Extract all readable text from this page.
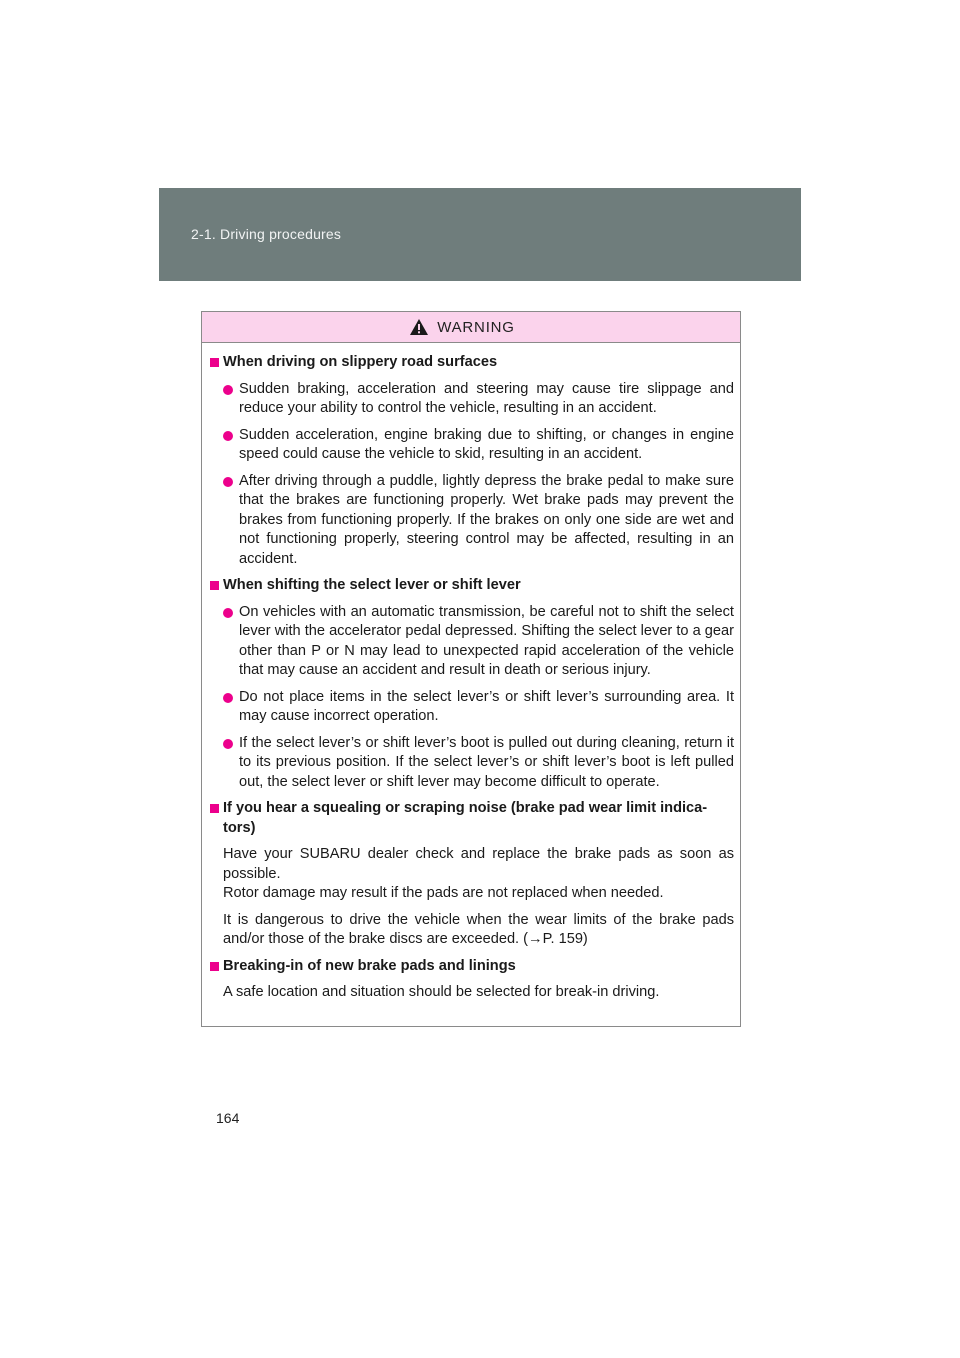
2-1. Driving procedures
WARNING
When driving on slippery road surfaces
Sudden braking, acceleration and steering may cause tire slippage and reduce your ability to control the vehicle, resulting in an accident.
Sudden acceleration, engine braking due to shifting, or changes in engine speed could cause the vehicle to skid, resulting in an accident.
After driving through a puddle, lightly depress the brake pedal to make sure that the brakes are functioning properly. Wet brake pads may prevent the brakes from functioning properly. If the brakes on only one side are wet and not functioning properly, steering control may be affected, resulting in an accident.
When shifting the select lever or shift lever
On vehicles with an automatic transmission, be careful not to shift the select lever with the accelerator pedal depressed. Shifting the select lever to a gear other than P or N may lead to unexpected rapid acceleration of the vehicle that may cause an accident and result in death or serious injury.
Do not place items in the select lever’s or shift lever’s surrounding area. It may cause incorrect operation.
If the select lever’s or shift lever’s boot is pulled out during cleaning, return it to its previous position. If the select lever’s or shift lever’s boot is left pulled out, the select lever or shift lever may become difficult to operate.
If you hear a squealing or scraping noise (brake pad wear limit indica-tors)
Have your SUBARU dealer check and replace the brake pads as soon as possible.
Rotor damage may result if the pads are not replaced when needed.
It is dangerous to drive the vehicle when the wear limits of the brake pads and/or those of the brake discs are exceeded. (→P. 159)
Breaking-in of new brake pads and linings
A safe location and situation should be selected for break-in driving.
164
